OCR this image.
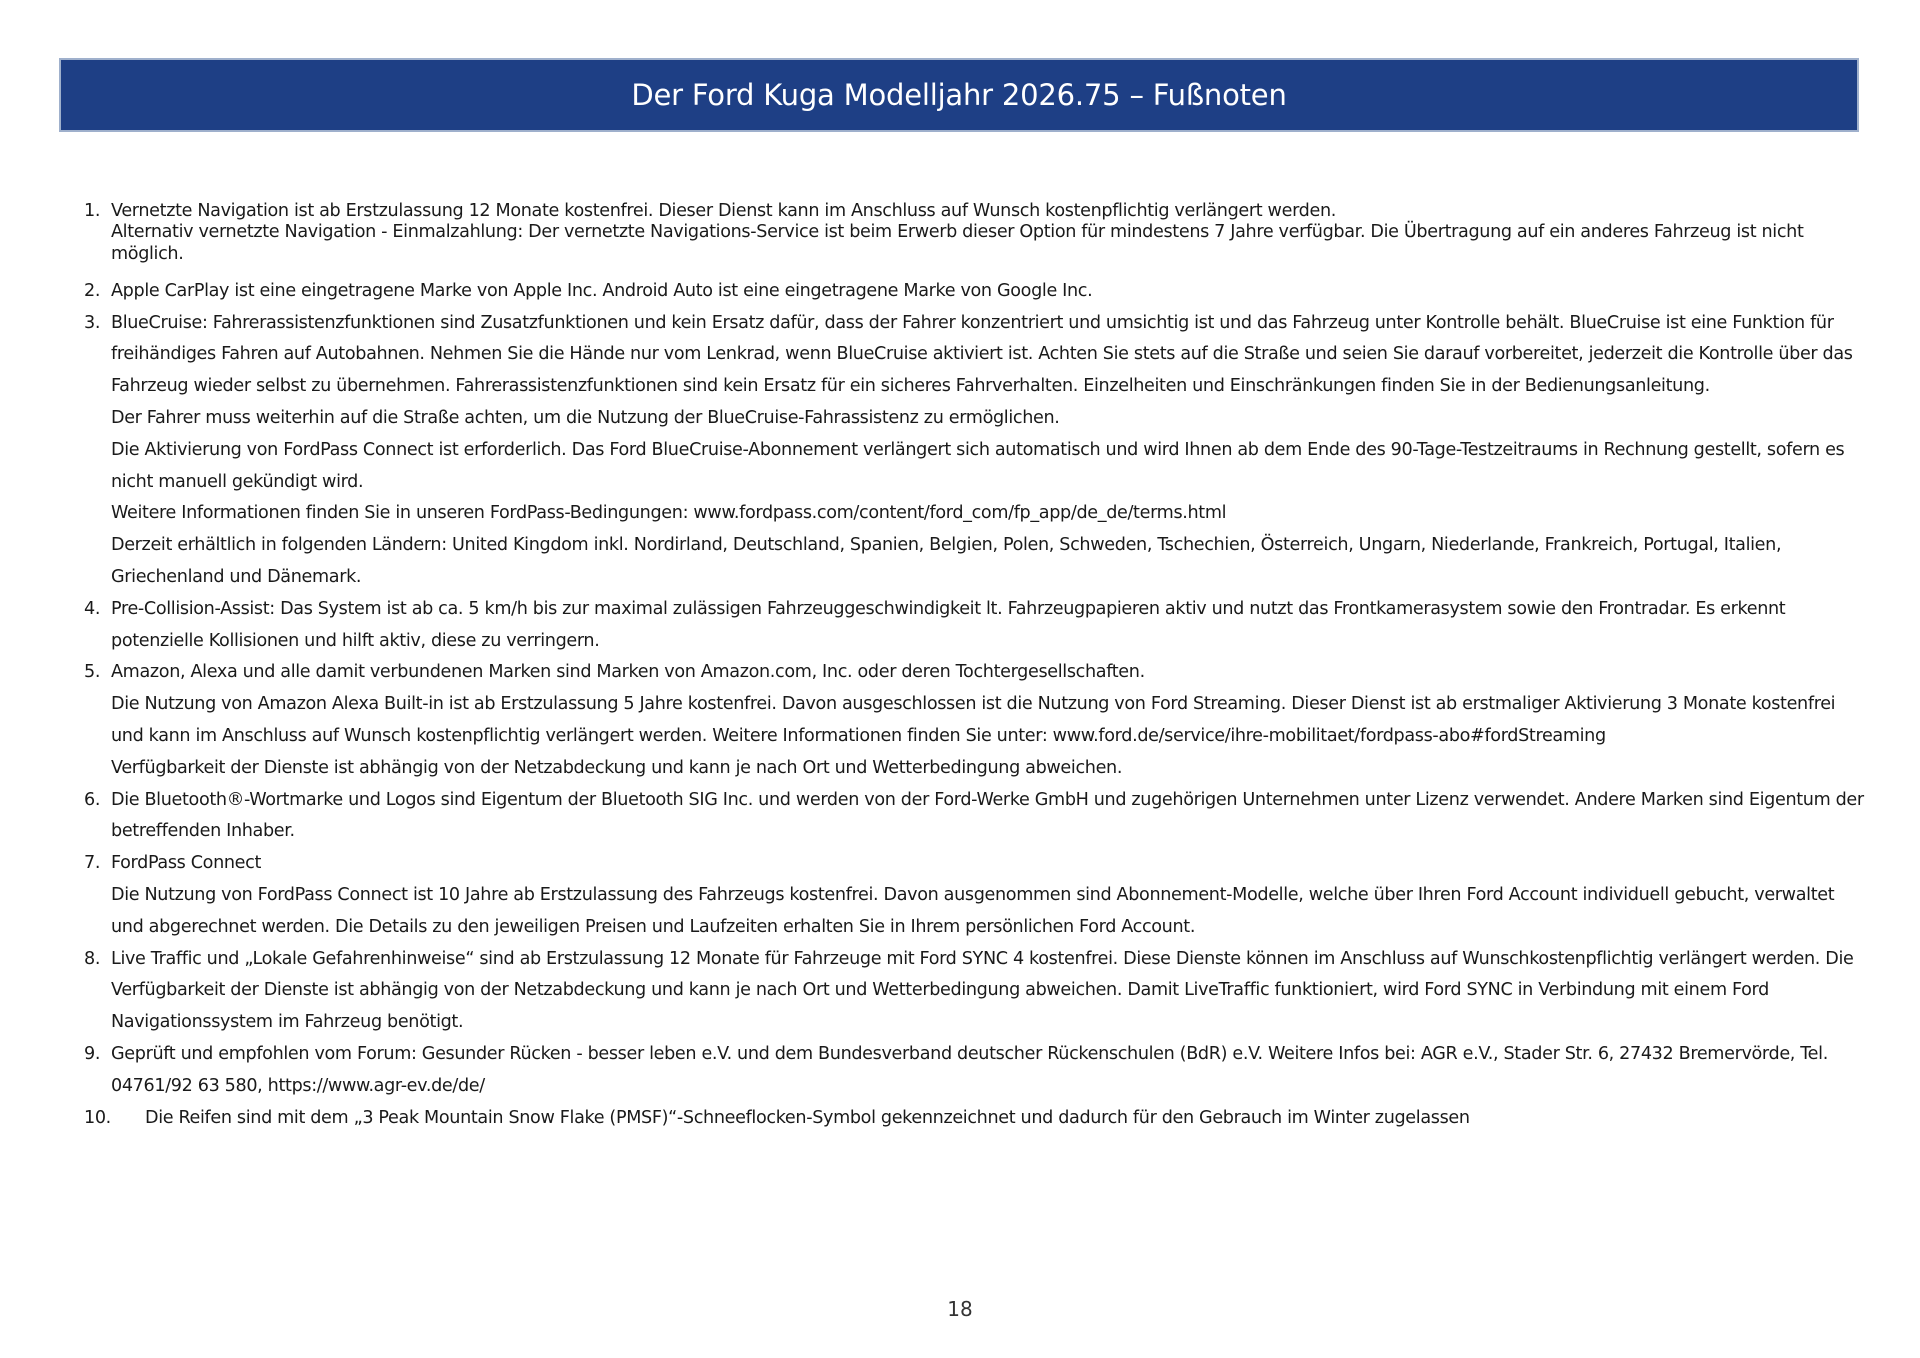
Der Ford Kuga Modelljahr 2026.75 – Fußnoten
1. Vernetzte Navigation ist ab Erstzulassung 12 Monate kostenfrei. Dieser Dienst kann im Anschluss auf Wunsch kostenpflichtig verlängert werden.

Alternativ vernetzte Navigation - Einmalzahlung: Der vernetzte Navigations-Service ist beim Erwerb dieser Option für mindestens 7 Jahre verfügbar. Die Übertragung auf ein anderes Fahrzeug ist nicht möglich.

2. Apple CarPlay ist eine eingetragene Marke von Apple Inc. Android Auto ist eine eingetragene Marke von Google Inc.

3. BlueCruise: Fahrerassistenzfunktionen sind Zusatzfunktionen und kein Ersatz dafür, dass der Fahrer konzentriert und umsichtig ist und das Fahrzeug unter Kontrolle behält. BlueCruise ist eine Funktion für freihändiges Fahren auf Autobahnen. Nehmen Sie die Hände nur vom Lenkrad, wenn BlueCruise aktiviert ist. Achten Sie stets auf die Straße und seien Sie darauf vorbereitet, jederzeit die Kontrolle über das Fahrzeug wieder selbst zu übernehmen. Fahrerassistenzfunktionen sind kein Ersatz für ein sicheres Fahrverhalten. Einzelheiten und Einschränkungen finden Sie in der Bedienungsanleitung.

Der Fahrer muss weiterhin auf die Straße achten, um die Nutzung der BlueCruise-Fahrassistenz zu ermöglichen.

Die Aktivierung von FordPass Connect ist erforderlich. Das Ford BlueCruise-Abonnement verlängert sich automatisch und wird Ihnen ab dem Ende des 90-Tage-Testzeitraums in Rechnung gestellt, sofern es nicht manuell gekündigt wird.

Weitere Informationen finden Sie in unseren FordPass-Bedingungen: www.fordpass.com/content/ford_com/fp_app/de_de/terms.html

Derzeit erhältlich in folgenden Ländern: United Kingdom inkl. Nordirland, Deutschland, Spanien, Belgien, Polen, Schweden, Tschechien, Österreich, Ungarn, Niederlande, Frankreich, Portugal, Italien, Griechenland und Dänemark.

4. Pre-Collision-Assist: Das System ist ab ca. 5 km/h bis zur maximal zulässigen Fahrzeuggeschwindigkeit lt. Fahrzeugpapieren aktiv und nutzt das Frontkamerasystem sowie den Frontradar. Es erkennt potenzielle Kollisionen und hilft aktiv, diese zu verringern.

5. Amazon, Alexa und alle damit verbundenen Marken sind Marken von Amazon.com, Inc. oder deren Tochtergesellschaften.

Die Nutzung von Amazon Alexa Built-in ist ab Erstzulassung 5 Jahre kostenfrei. Davon ausgeschlossen ist die Nutzung von Ford Streaming. Dieser Dienst ist ab erstmaliger Aktivierung 3 Monate kostenfrei und kann im Anschluss auf Wunsch kostenpflichtig verlängert werden. Weitere Informationen finden Sie unter: www.ford.de/service/ihre-mobilitaet/fordpass-abo#fordStreaming

Verfügbarkeit der Dienste ist abhängig von der Netzabdeckung und kann je nach Ort und Wetterbedingung abweichen.

6. Die Bluetooth®-Wortmarke und Logos sind Eigentum der Bluetooth SIG Inc. und werden von der Ford-Werke GmbH und zugehörigen Unternehmen unter Lizenz verwendet. Andere Marken sind Eigentum der betreffenden Inhaber.

7. FordPass Connect

Die Nutzung von FordPass Connect ist 10 Jahre ab Erstzulassung des Fahrzeugs kostenfrei. Davon ausgenommen sind Abonnement-Modelle, welche über Ihren Ford Account individuell gebucht, verwaltet und abgerechnet werden. Die Details zu den jeweiligen Preisen und Laufzeiten erhalten Sie in Ihrem persönlichen Ford Account.

8. Live Traffic und „Lokale Gefahrenhinweise“ sind ab Erstzulassung 12 Monate für Fahrzeuge mit Ford SYNC 4 kostenfrei. Diese Dienste können im Anschluss auf Wunschkostenpflichtig verlängert werden. Die Verfügbarkeit der Dienste ist abhängig von der Netzabdeckung und kann je nach Ort und Wetterbedingung abweichen. Damit LiveTraffic funktioniert, wird Ford SYNC in Verbindung mit einem Ford Navigationssystem im Fahrzeug benötigt.

9. Geprüft und empfohlen vom Forum: Gesunder Rücken - besser leben e.V. und dem Bundesverband deutscher Rückenschulen (BdR) e.V. Weitere Infos bei: AGR e.V., Stader Str. 6, 27432 Bremervörde, Tel. 04761/92 63 580, https://www.agr-ev.de/de/

10. Die Reifen sind mit dem „3 Peak Mountain Snow Flake (PMSF)“-Schneeflocken-Symbol gekennzeichnet und dadurch für den Gebrauch im Winter zugelassen

18
